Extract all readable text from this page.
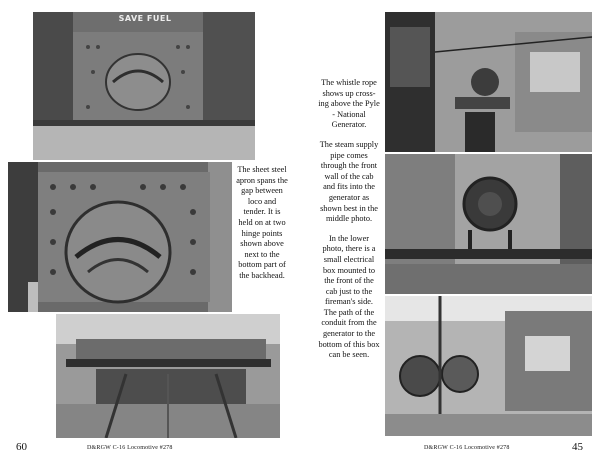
SAVE FUEL
The sheet steel apron spans the gap between loco and tender. It is held on at two hinge points shown above next to the bottom part of the backhead.
60	D&RGW C-16 Locomotive #278

The whistle rope shows up cross-ing above the Pyle - National Generator.

The steam supply pipe comes through the front wall of the cab and fits into the generator as shown best in the middle photo.

In the lower photo, there is a small electrical box mounted to the front of the cab just to the fireman's side. The path of the conduit from the generator to the bottom of this box can be seen.

D&RGW C-16 Locomotive #278	45
